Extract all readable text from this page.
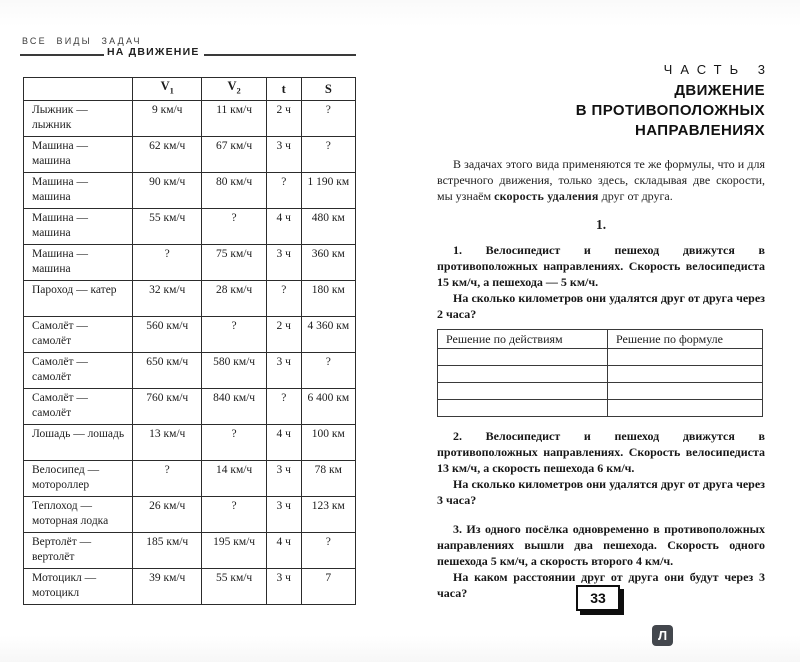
ВСЕ ВИДЫ ЗАДАЧ
НА ДВИЖЕНИЕ
	$V_1$	$V_2$	t	S
Лыжник — лыжник	9 км/ч	11 км/ч	2 ч	?
Машина — машина	62 км/ч	67 км/ч	3 ч	?
Машина — машина	90 км/ч	80 км/ч	?	1 190 км
Машина — машина	55 км/ч	?	4 ч	480 км
Машина — машина	?	75 км/ч	3 ч	360 км
Пароход — катер	32 км/ч	28 км/ч	?	180 км
Самолёт — самолёт	560 км/ч	?	2 ч	4 360 км
Самолёт — самолёт	650 км/ч	580 км/ч	3 ч	?
Самолёт — самолёт	760 км/ч	840 км/ч	?	6 400 км
Лошадь — лошадь	13 км/ч	?	4 ч	100 км
Велосипед — мотороллер	?	14 км/ч	3 ч	78 км
Теплоход — моторная лодка	26 км/ч	?	3 ч	123 км
Вертолёт — вертолёт	185 км/ч	195 км/ч	4 ч	?
Мотоцикл — мотоцикл	39 км/ч	55 км/ч	3 ч	7
ЧАСТЬ 3
ДВИЖЕНИЕ
В ПРОТИВОПОЛОЖНЫХ
НАПРАВЛЕНИЯХ

В задачах этого вида применяются те же формулы, что и для встречного движения, только здесь, складывая две скорости, мы узнаём скорость удаления друг от друга.

1.

1. Велосипедист и пешеход движутся в противоположных направлениях. Скорость велосипедиста 15 км/ч, а пешехода — 5 км/ч.

На сколько километров они удалятся друг от друга через 2 часа?

Решение по действиям	Решение по формуле

2. Велосипедист и пешеход движутся в противоположных направлениях. Скорость велосипедиста 13 км/ч, а скорость пешехода 6 км/ч.

На сколько километров они удалятся друг от друга через 3 часа?

3. Из одного посёлка одновременно в противоположных направлениях вышли два пешехода. Скорость одного пешехода 5 км/ч, а скорость второго 4 км/ч.

На каком расстоянии друг от друга они будут через 3 часа?	33
Л
